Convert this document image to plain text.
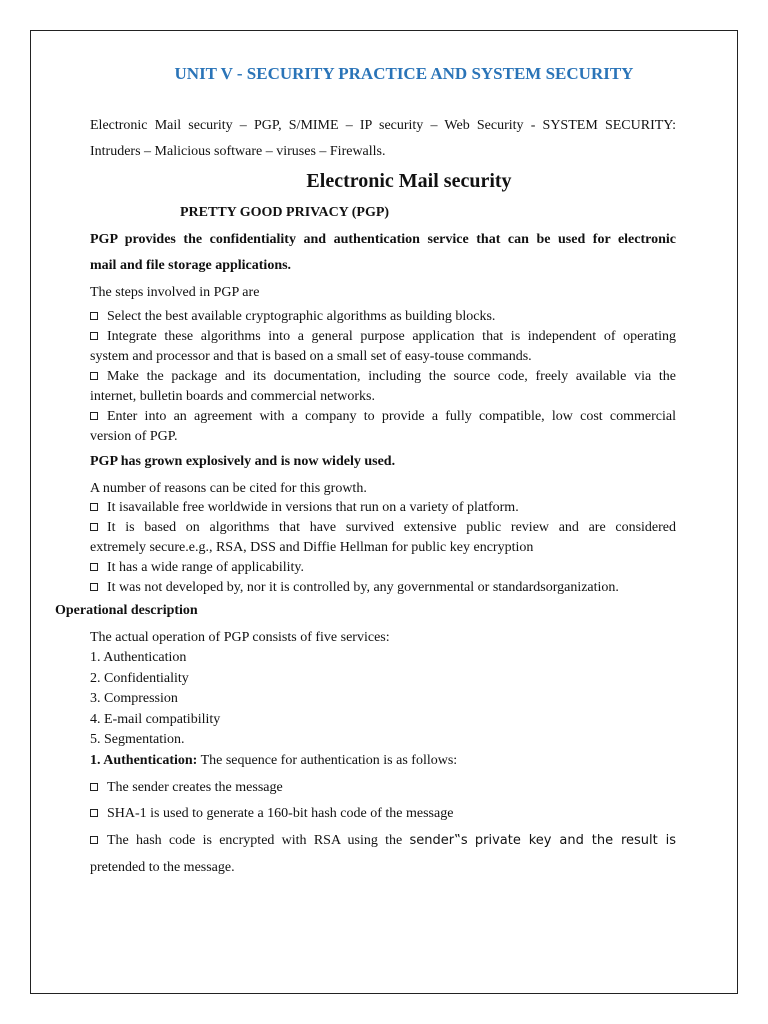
UNIT V - SECURITY PRACTICE AND SYSTEM SECURITY
Electronic Mail security – PGP, S/MIME – IP security – Web Security - SYSTEM SECURITY:
Intruders – Malicious software – viruses – Firewalls.
Electronic Mail security
PRETTY GOOD PRIVACY (PGP)
PGP provides the confidentiality and authentication service that can be used for electronic
mail and file storage applications.
The steps involved in PGP are
Select the best available cryptographic algorithms as building blocks.
Integrate these algorithms into a general purpose application that is independent of operating
system and processor and that is based on a small set of easy-touse commands.
Make the package and its documentation, including the source code, freely available via the
internet, bulletin boards and commercial networks.
Enter into an agreement with a company to provide a fully compatible, low cost commercial
version of PGP.
PGP has grown explosively and is now widely used.
A number of reasons can be cited for this growth.
It isavailable free worldwide in versions that run on a variety of platform.
It is based on algorithms that have survived extensive public review and are considered
extremely secure.e.g., RSA, DSS and Diffie Hellman for public key encryption
It has a wide range of applicability.
It was not developed by, nor it is controlled by, any governmental or standardsorganization.
Operational description
The actual operation of PGP consists of five services:
1. Authentication
2. Confidentiality
3. Compression
4. E-mail compatibility
5. Segmentation.
1. Authentication: The sequence for authentication is as follows:
The sender creates the message
SHA-1 is used to generate a 160-bit hash code of the message
The hash code is encrypted with RSA using the sender‟s private key and the result is
pretended to the message.
